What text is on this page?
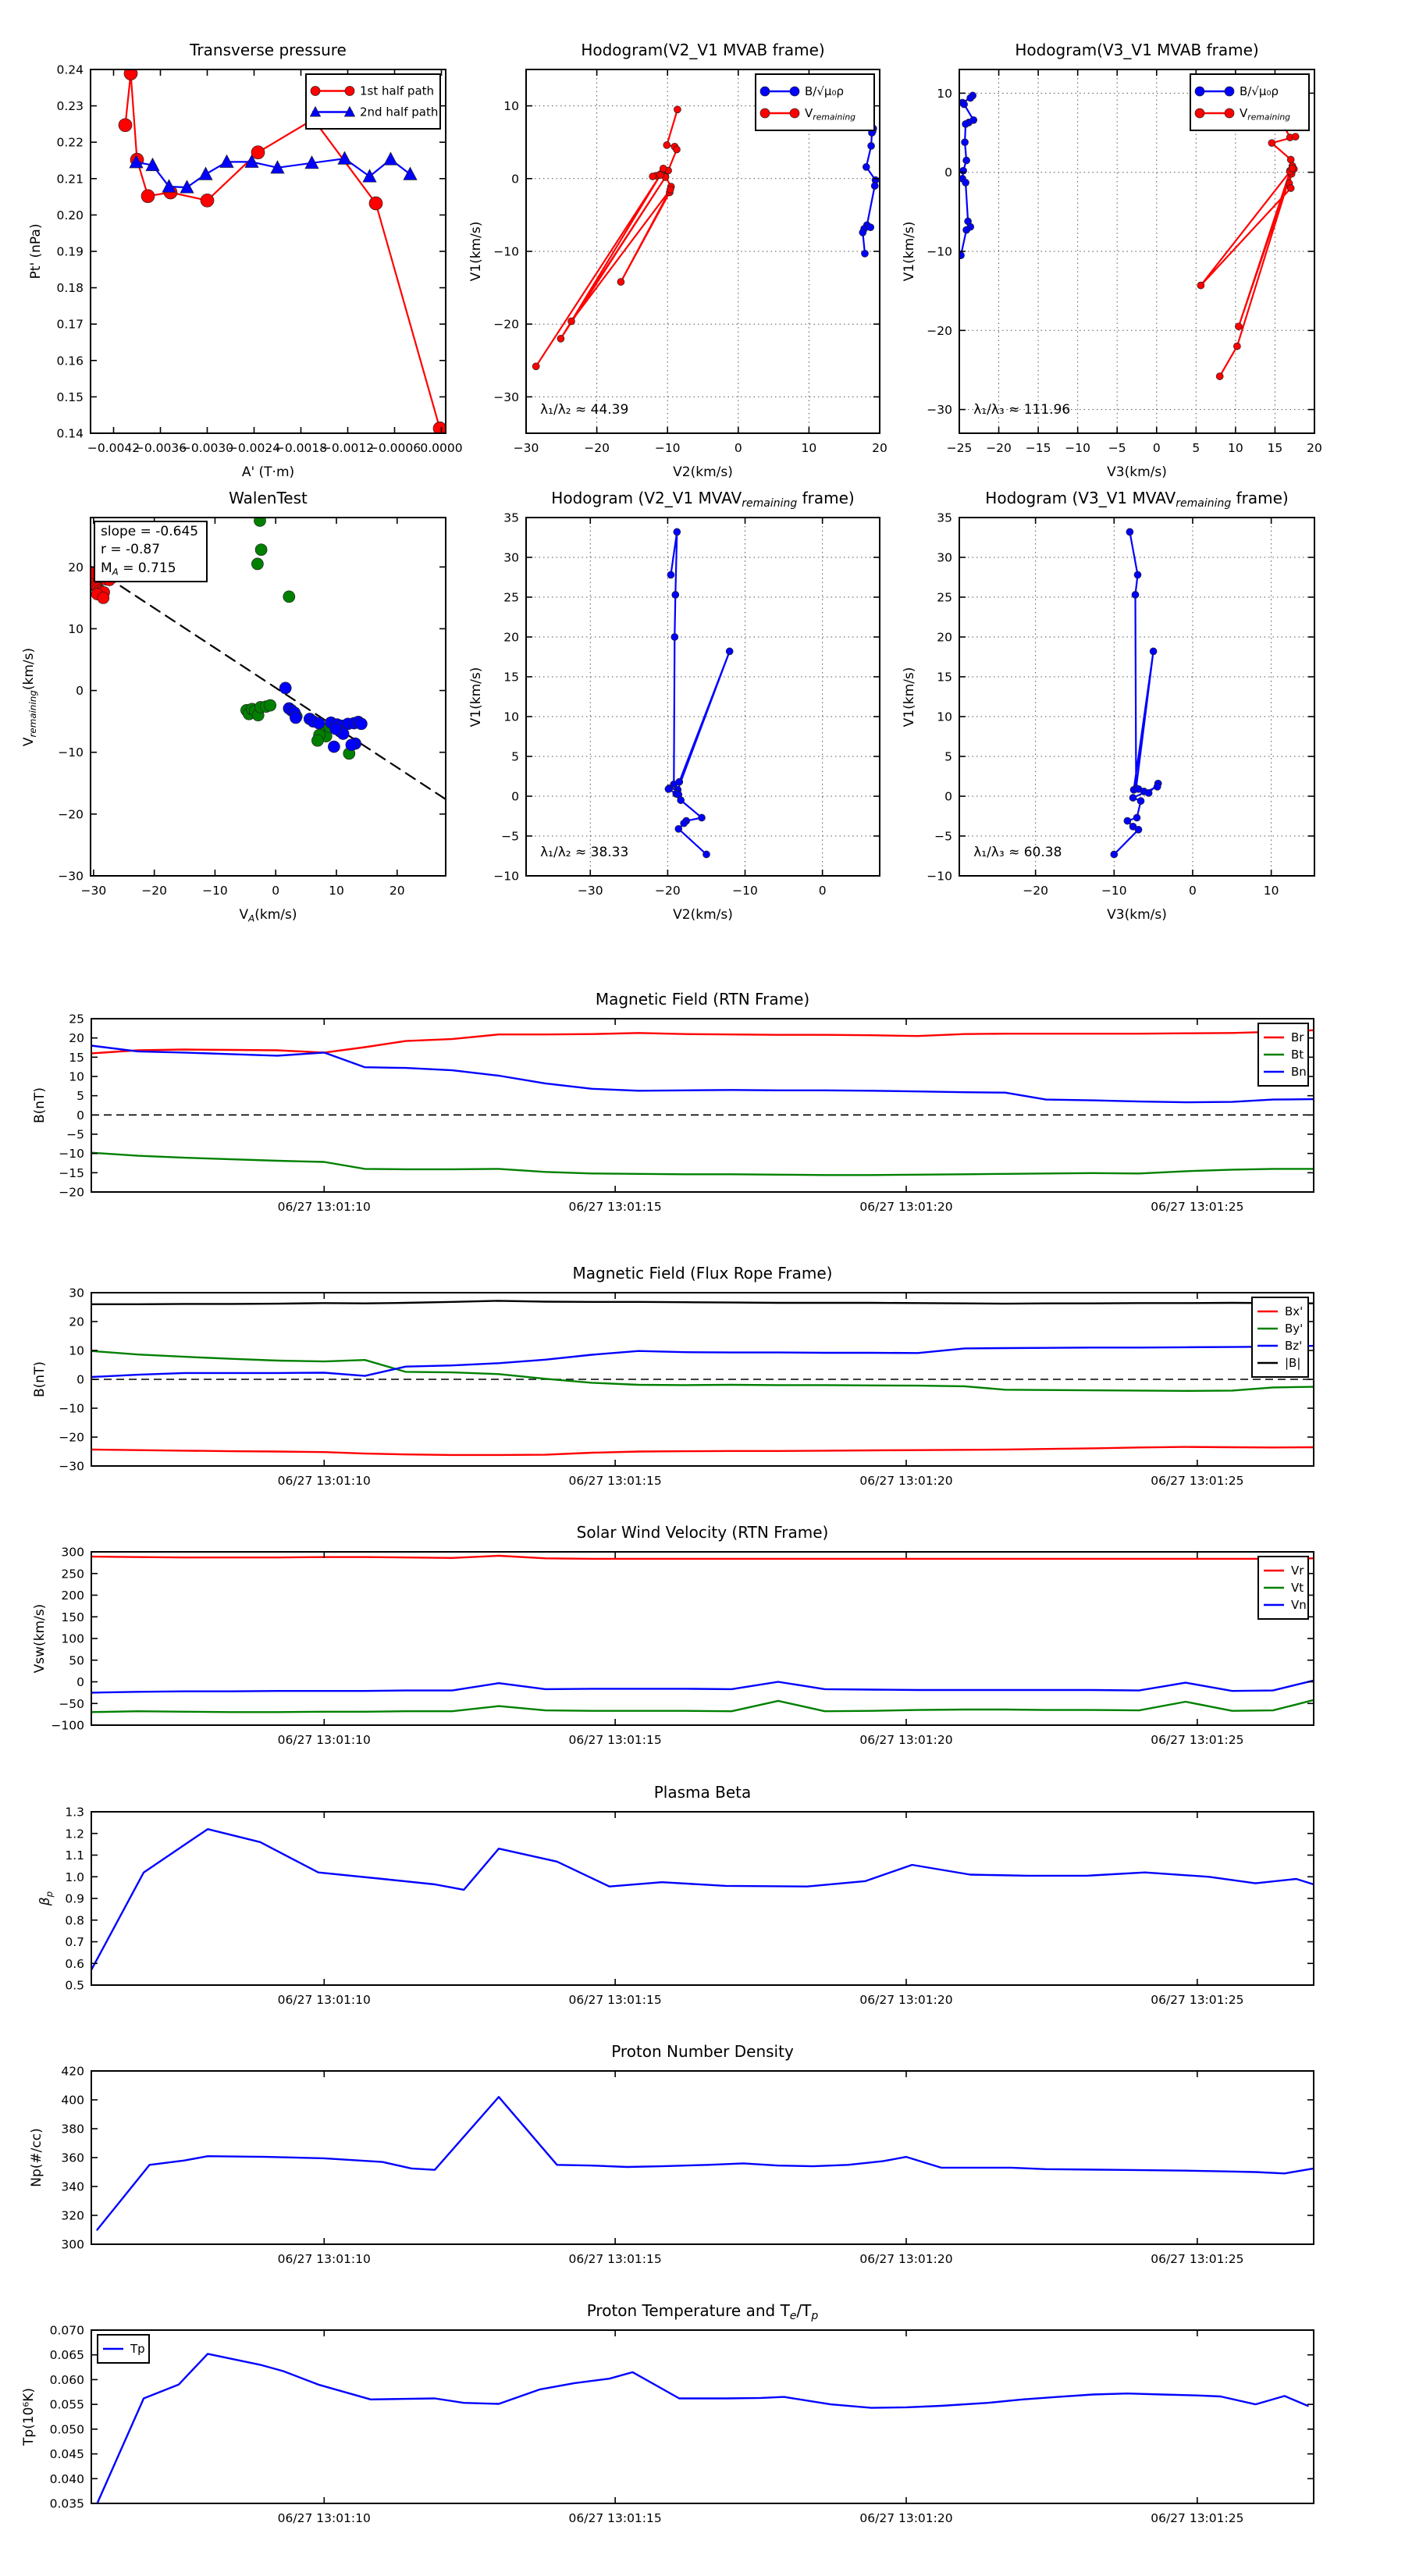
−0.0042
−0.0036
−0.0030
−0.0024
−0.0018
−0.0012
−0.0006 0.0000
0.14
0.15
0.16
0.17
0.18
0.19
0.20
0.21
0.22
0.23
0.24
1st half path
2nd half path
−30	−20	−10	0	10	20
−30
−20
−10
0
10
B/√μ₀ρ
$V_{remaining}$
−25 −20 −15 −10 −5 0	5 10 15 20
−30
−20
−10
0
10	B/√μ₀ρ
$V_{remaining}$
−30	−20	−10	0	10	20
−30
−20
−10
0
10
20
−30	−20	−10	0
−10
−5
0
5
10
15
20
25
30
35
−20	−10	0	10
−10
−5
0
5
10
15
20
25
30
35
06/27 13:01:10	06/27 13:01:15	06/27 13:01:20	06/27 13:01:25
−20
−15
−10
−5
0
5
10
15
20
25
Br
Bt
Bn
06/27 13:01:10	06/27 13:01:15	06/27 13:01:20	06/27 13:01:25
−30
−20
−10
0
10
20
30
Bx'
By'
Bz'
|B|
06/27 13:01:10	06/27 13:01:15	06/27 13:01:20	06/27 13:01:25
−100
−50
0
50
100
150
200
250
300
Vr
Vt
Vn
06/27 13:01:10	06/27 13:01:15	06/27 13:01:20	06/27 13:01:25
0.5
0.6
0.7
0.8
0.9
1.0
1.1
1.2
1.3
06/27 13:01:10	06/27 13:01:15	06/27 13:01:20	06/27 13:01:25
300
320
340
360
380
400
420
06/27 13:01:10	06/27 13:01:15	06/27 13:01:20	06/27 13:01:25
0.035
0.040
0.045
0.050
0.055
0.060
0.065
0.070
Tp
Transverse pressure
A' (T·m)
Pt' (nPa)
Hodogram(V2_V1 MVAB frame)
V2(km/s)
V1(km/s)
λ₁/λ₂ ≈ 44.39
Hodogram(V3_V1 MVAB frame)
V3(km/s)
V1(km/s)
λ₁/λ₃ ≈ 111.96
WalenTest
$V_A(km/s)$
$V_{remaining}(km/s)$
slope = -0.645
r = -0.87
$M_A = 0.715$
Hodogram (V2_V1 $MVAV_{remaining}$ frame)
V2(km/s)
V1(km/s)
λ₁/λ₂ ≈ 38.33
Hodogram (V3_V1 $MVAV_{remaining}$ frame)
V3(km/s)
V1(km/s)
λ₁/λ₃ ≈ 60.38
Magnetic Field (RTN Frame)
B(nT)
Magnetic Field (Flux Rope Frame)
B(nT)
Solar Wind Velocity (RTN Frame)
Vsw(km/s)
Plasma Beta
$\beta_p$
Proton Number Density
Np(#/cc)
Proton Temperature and $T_e/T_p$
Tp(10⁶K)
